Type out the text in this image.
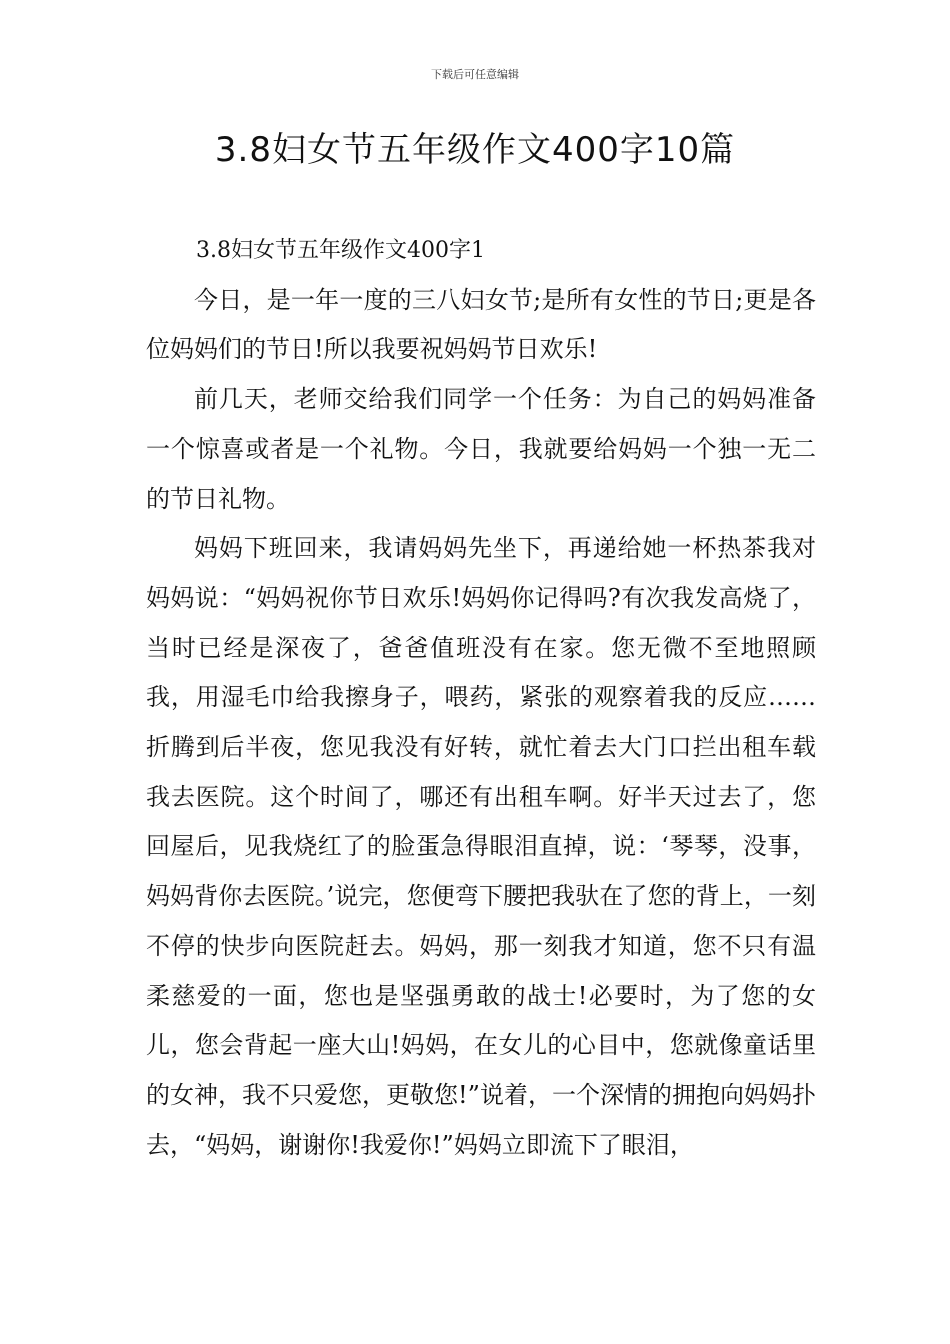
下载后可任意编辑
3.8妇女节五年级作文400字10篇

3.8妇女节五年级作文400字1

今日，是一年一度的三八妇女节;是所有女性的节日;更是各位妈妈们的节日!所以我要祝妈妈节日欢乐!

前几天，老师交给我们同学一个任务：为自己的妈妈准备一个惊喜或者是一个礼物。今日，我就要给妈妈一个独一无二的节日礼物。

妈妈下班回来，我请妈妈先坐下，再递给她一杯热茶我对妈妈说：“妈妈祝你节日欢乐!妈妈你记得吗?有次我发高烧了，当时已经是深夜了，爸爸值班没有在家。您无微不至地照顾我，用湿毛巾给我擦身子，喂药，紧张的观察着我的反应……折腾到后半夜，您见我没有好转，就忙着去大门口拦出租车载我去医院。这个时间了，哪还有出租车啊。好半天过去了，您回屋后，见我烧红了的脸蛋急得眼泪直掉，说：‘琴琴，没事，妈妈背你去医院。’说完，您便弯下腰把我驮在了您的背上，一刻不停的快步向医院赶去。妈妈，那一刻我才知道，您不只有温柔慈爱的一面，您也是坚强勇敢的战士!必要时，为了您的女儿，您会背起一座大山!妈妈，在女儿的心目中，您就像童话里的女神，我不只爱您，更敬您!”说着，一个深情的拥抱向妈妈扑去，“妈妈，谢谢你!我爱你!”妈妈立即流下了眼泪，
